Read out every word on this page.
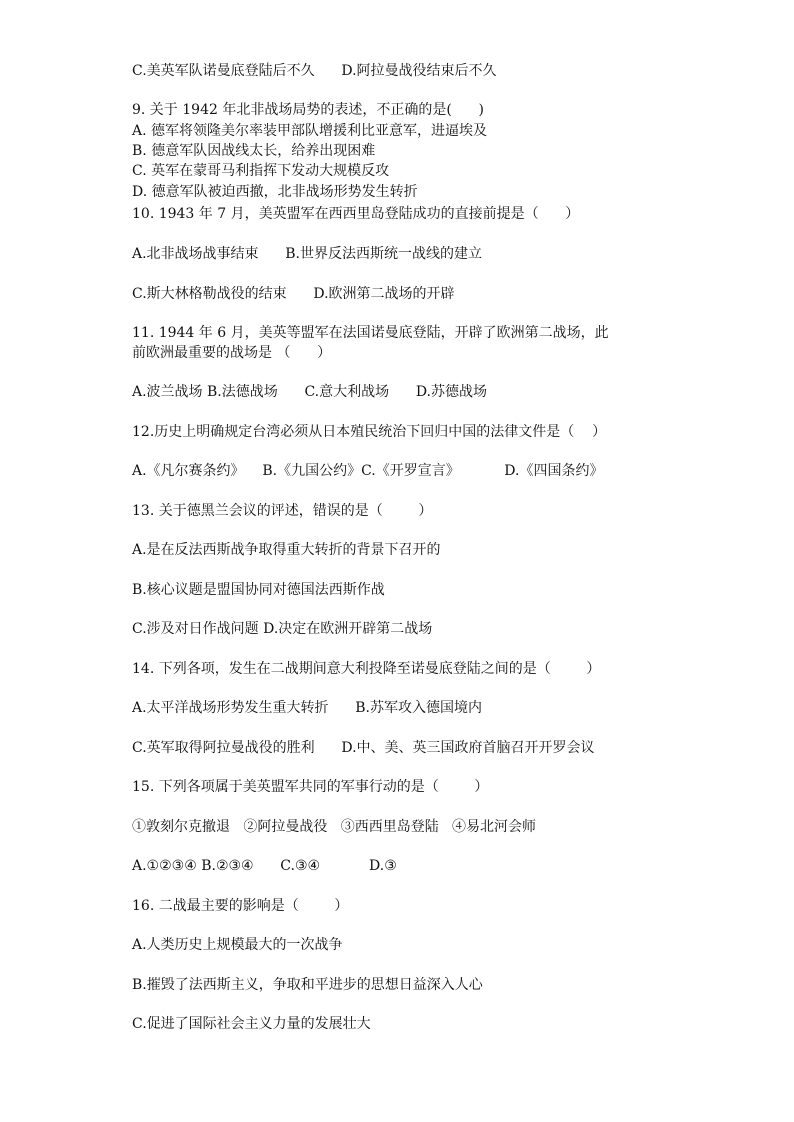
C.美英军队诺曼底登陆后不久      D.阿拉曼战役结束后不久
9. 关于 1942 年北非战场局势的表述，不正确的是(      )
A. 德军将领隆美尔率装甲部队增援利比亚意军，进逼埃及
B. 德意军队因战线太长，给养出现困难
C. 英军在蒙哥马利指挥下发动大规模反攻
D. 德意军队被迫西撤，北非战场形势发生转折
10. 1943 年 7 月，美英盟军在西西里岛登陆成功的直接前提是（      ）
A.北非战场战事结束      B.世界反法西斯统一战线的建立
C.斯大林格勒战役的结束      D.欧洲第二战场的开辟
11. 1944 年 6 月，美英等盟军在法国诺曼底登陆，开辟了欧洲第二战场，此
前欧洲最重要的战场是 （      ）
A.波兰战场 B.法德战场      C.意大利战场      D.苏德战场
12.历史上明确规定台湾必须从日本殖民统治下回归中国的法律文件是（    ）
A.《凡尔赛条约》    B.《九国公约》C.《开罗宣言》          D.《四国条约》
13. 关于德黑兰会议的评述，错误的是（        ）
A.是在反法西斯战争取得重大转折的背景下召开的
B.核心议题是盟国协同对德国法西斯作战
C.涉及对日作战问题 D.决定在欧洲开辟第二战场
14. 下列各项，发生在二战期间意大利投降至诺曼底登陆之间的是（        ）
A.太平洋战场形势发生重大转折      B.苏军攻入德国境内
C.英军取得阿拉曼战役的胜利      D.中、美、英三国政府首脑召开开罗会议
15. 下列各项属于美英盟军共同的军事行动的是（        ）
①敦刻尔克撤退   ②阿拉曼战役   ③西西里岛登陆   ④易北河会师
A.①②③④ B.②③④      C.③④           D.③
16. 二战最主要的影响是（        ）
A.人类历史上规模最大的一次战争
B.摧毁了法西斯主义，争取和平进步的思想日益深入人心
C.促进了国际社会主义力量的发展壮大
